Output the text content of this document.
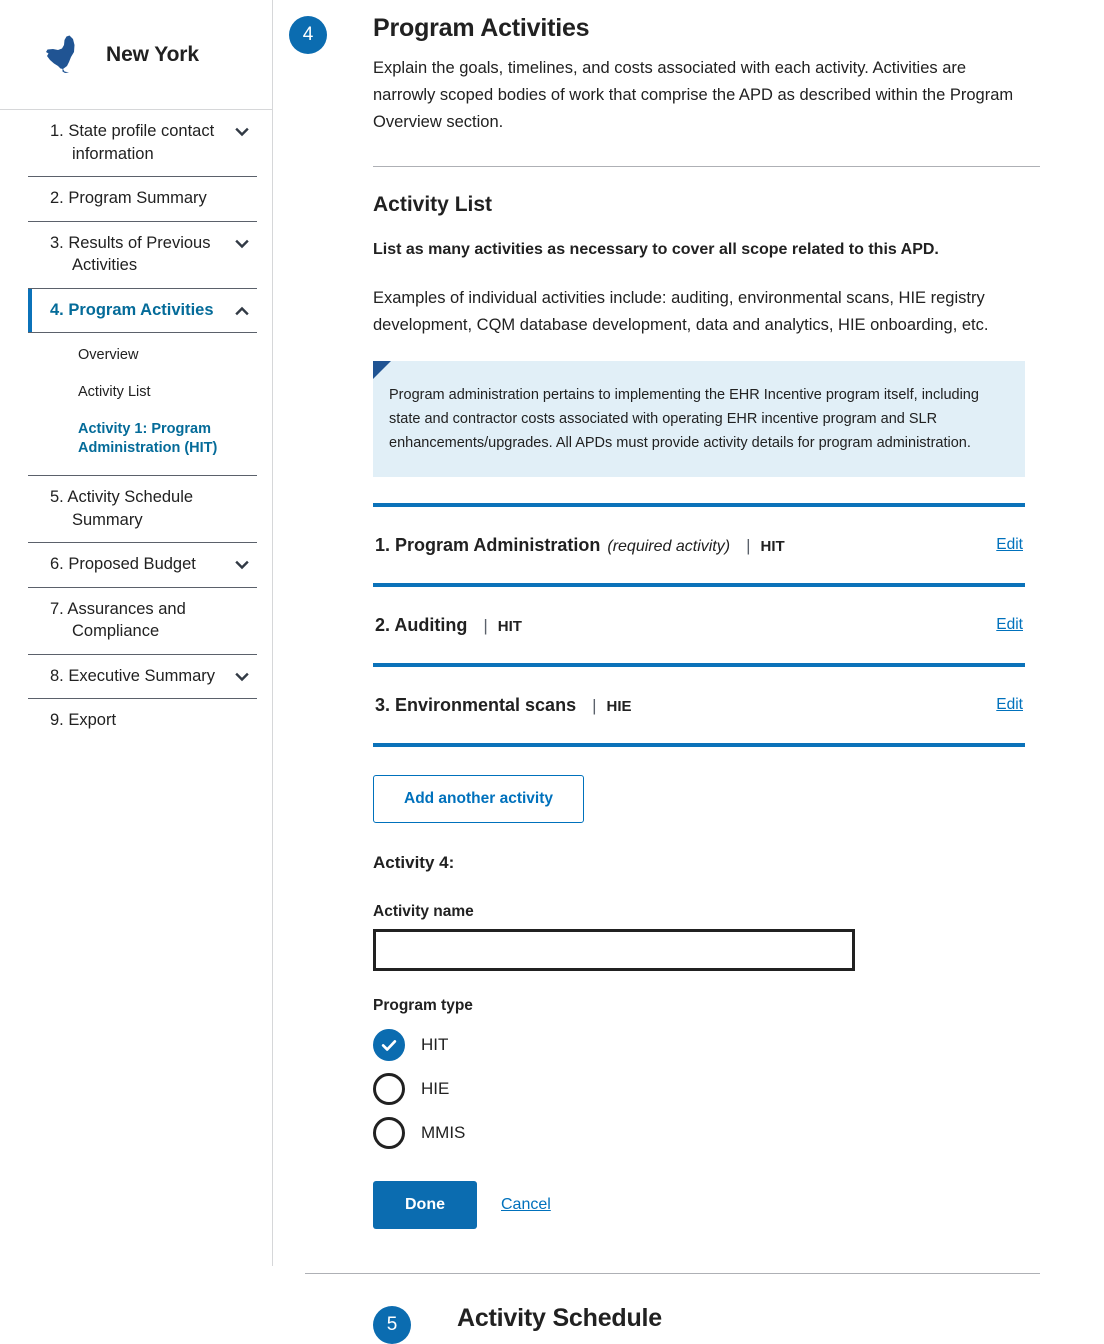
New York
1. State profile contact information
2. Program Summary
3. Results of Previous Activities
4. Program Activities
Overview
Activity List
Activity 1: Program Administration (HIT)
5. Activity Schedule Summary
6. Proposed Budget
7. Assurances and Compliance
8. Executive Summary
9. Export
4	Program Activities

Explain the goals, timelines, and costs associated with each activity. Activities are narrowly scoped bodies of work that comprise the APD as described within the Program Overview section.

Activity List

List as many activities as necessary to cover all scope related to this APD.

Examples of individual activities include: auditing, environmental scans, HIE registry development, CQM database development, data and analytics, HIE onboarding, etc.

Program administration pertains to implementing the EHR Incentive program itself, including state and contractor costs associated with operating EHR incentive program and SLR enhancements/upgrades. All APDs must provide activity details for program administration.

1. Program Administration (required activity) | HIT	Edit
2. Auditing | HIT	Edit
3. Environmental scans | HIE	Edit
Add another activity

Activity 4:

Activity name

Program type

HIT
HIE
MMIS
Done	Cancel
5	Activity Schedule
